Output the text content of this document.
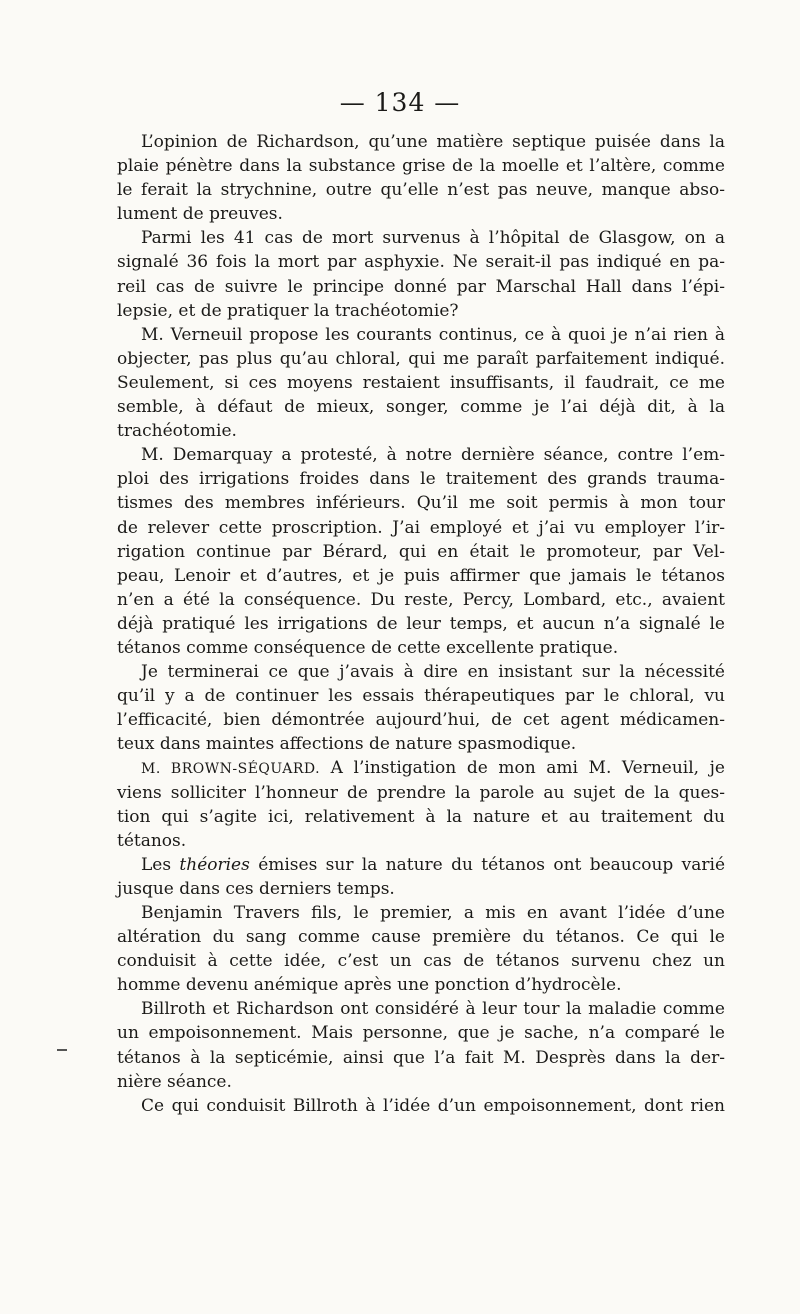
— 134 —
L’opinion de Richardson, qu’une matière septique puisée dans la
plaie pénètre dans la substance grise de la moelle et l’altère, comme
le ferait la strychnine, outre qu’elle n’est pas neuve, manque abso-
lument de preuves.
Parmi les 41 cas de mort survenus à l’hôpital de Glasgow, on a
signalé 36 fois la mort par asphyxie. Ne serait-il pas indiqué en pa-
reil cas de suivre le principe donné par Marschal Hall dans l’épi-
lepsie, et de pratiquer la trachéotomie?
M. Verneuil propose les courants continus, ce à quoi je n’ai rien à
objecter, pas plus qu’au chloral, qui me paraît parfaitement indiqué.
Seulement, si ces moyens restaient insuffisants, il faudrait, ce me
semble, à défaut de mieux, songer, comme je l’ai déjà dit, à la
trachéotomie.
M. Demarquay a protesté, à notre dernière séance, contre l’em-
ploi des irrigations froides dans le traitement des grands trauma-
tismes des membres inférieurs. Qu’il me soit permis à mon tour
de relever cette proscription. J’ai employé et j’ai vu employer l’ir-
rigation continue par Bérard, qui en était le promoteur, par Vel-
peau, Lenoir et d’autres, et je puis affirmer que jamais le tétanos
n’en a été la conséquence. Du reste, Percy, Lombard, etc., avaient
déjà pratiqué les irrigations de leur temps, et aucun n’a signalé le
tétanos comme conséquence de cette excellente pratique.
Je terminerai ce que j’avais à dire en insistant sur la nécessité
qu’il y a de continuer les essais thérapeutiques par le chloral, vu
l’efficacité, bien démontrée aujourd’hui, de cet agent médicamen-
teux dans maintes affections de nature spasmodique.
M. BROWN-SÉQUARD. A l’instigation de mon ami M. Verneuil, je
viens solliciter l’honneur de prendre la parole au sujet de la ques-
tion qui s’agite ici, relativement à la nature et au traitement du
tétanos.
Les théories émises sur la nature du tétanos ont beaucoup varié
jusque dans ces derniers temps.
Benjamin Travers fils, le premier, a mis en avant l’idée d’une
altération du sang comme cause première du tétanos. Ce qui le
conduisit à cette idée, c’est un cas de tétanos survenu chez un
homme devenu anémique après une ponction d’hydrocèle.
Billroth et Richardson ont considéré à leur tour la maladie comme
un empoisonnement. Mais personne, que je sache, n’a comparé le
tétanos à la septicémie, ainsi que l’a fait M. Desprès dans la der-
nière séance.
Ce qui conduisit Billroth à l’idée d’un empoisonnement, dont rien
